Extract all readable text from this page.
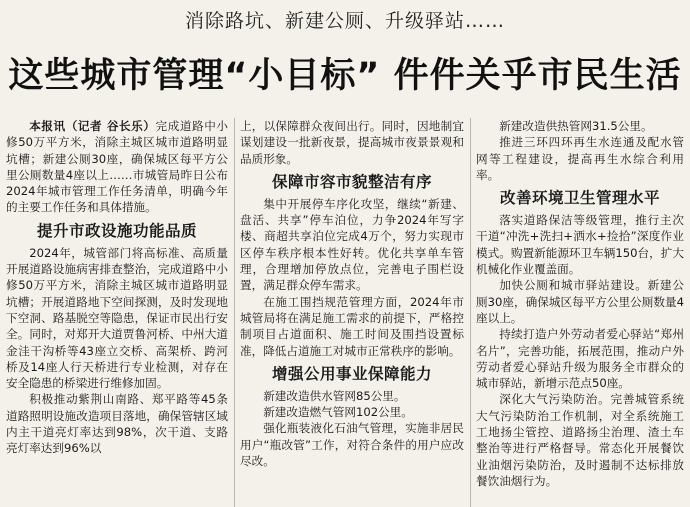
消除路坑、新建公厕、升级驿站……
这些城市管理“小目标” 件件关乎市民生活

本报讯（记者 谷长乐）完成道路中小修50万平方米，消除主城区城市道路明显坑槽；新建公厕30座，确保城区每平方公里公厕数量4座以上……市城管局昨日公布2024年城市管理工作任务清单，明确今年的主要工作任务和具体措施。

提升市政设施功能品质

2024年，城管部门将高标准、高质量开展道路设施病害排查整治，完成道路中小修50万平方米，消除主城区城市道路明显坑槽；开展道路地下空间探测，及时发现地下空洞、路基脱空等隐患，保证市民出行安全。同时，对郑开大道贾鲁河桥、中州大道金洼干沟桥等43座立交桥、高架桥、跨河桥及14座人行天桥进行专业检测，对存在安全隐患的桥梁进行维修加固。

积极推动紫荆山南路、郑平路等45条道路照明设施改造项目落地，确保管辖区域内主干道亮灯率达到98%，次干道、支路亮灯率达到96%以

上，以保障群众夜间出行。同时，因地制宜谋划建设一批新夜景，提高城市夜景景观和品质形象。

保障市容市貌整洁有序

集中开展停车序化攻坚，继续“新建、盘活、共享”停车泊位，力争2024年写字楼、商超共享泊位完成4万个，努力实现市区停车秩序根本性好转。优化共享单车管理，合理增加停放点位，完善电子围栏设置，满足群众停车需求。

在施工围挡规范管理方面，2024年市城管局将在满足施工需求的前提下，严格控制项目占道面积、施工时间及围挡设置标准，降低占道施工对城市正常秩序的影响。

增强公用事业保障能力

新建改造供水管网85公里。

新建改造燃气管网102公里。

强化瓶装液化石油气管理，实施非居民用户“瓶改管”工作，对符合条件的用户应改尽改。

新建改造供热管网31.5公里。

推进三环四环再生水连通及配水管网等工程建设，提高再生水综合利用率。

改善环境卫生管理水平

落实道路保洁等级管理，推行主次干道“冲洗+洗扫+洒水+捡拾”深度作业模式。购置新能源环卫车辆150台，扩大机械化作业覆盖面。

加快公厕和城市驿站建设。新建公厕30座，确保城区每平方公里公厕数量4座以上。

持续打造户外劳动者爱心驿站“郑州名片”，完善功能，拓展范围，推动户外劳动者爱心驿站升级为服务全市群众的城市驿站，新增示范点50座。

深化大气污染防治。完善城管系统大气污染防治工作机制，对全系统施工工地扬尘管控、道路扬尘治理、渣土车整治等进行严格督导。常态化开展餐饮业油烟污染防治，及时遏制不达标排放餐饮油烟行为。
